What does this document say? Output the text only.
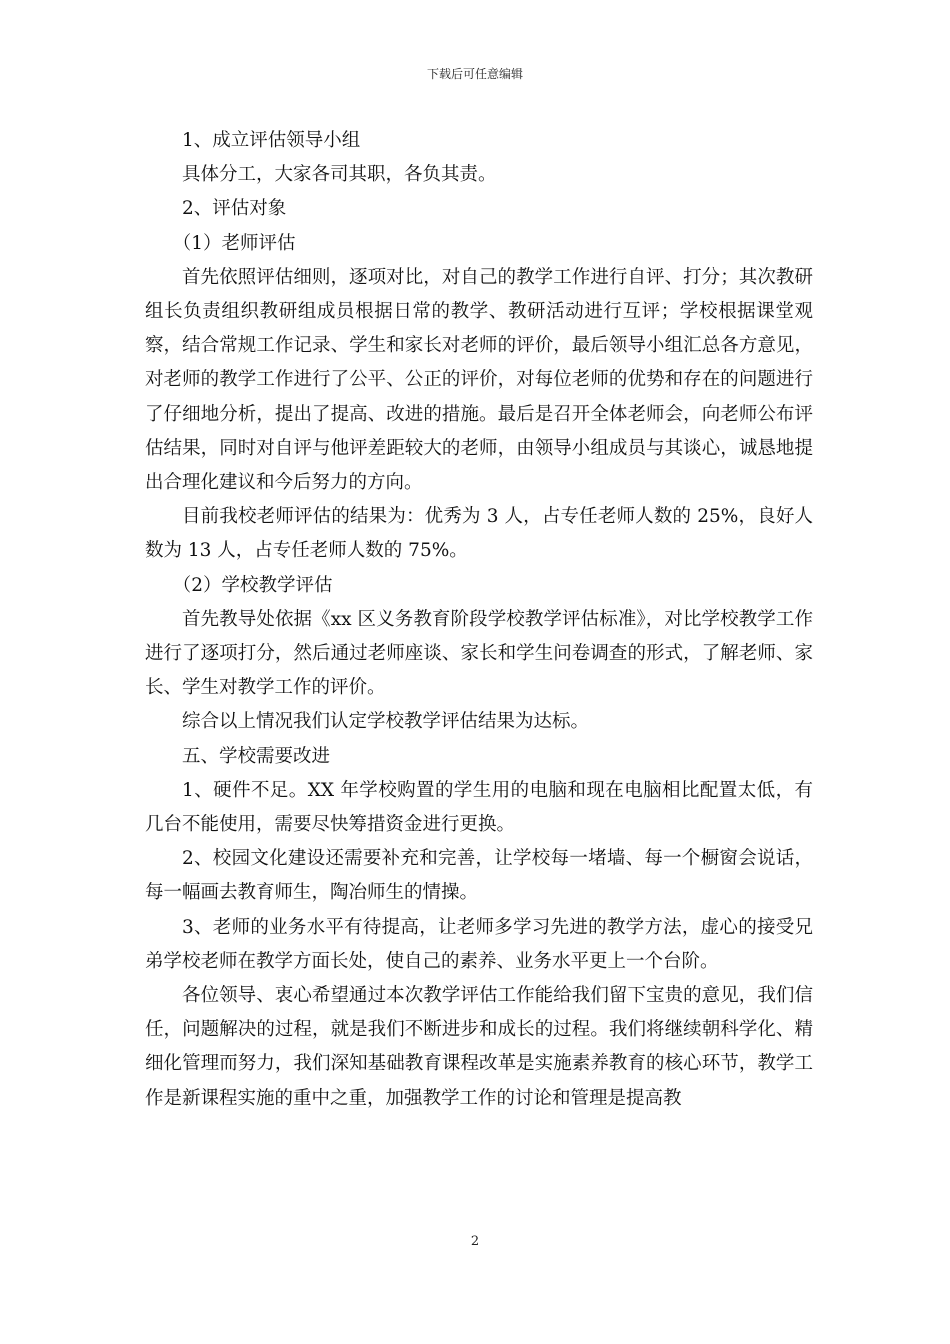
下载后可任意编辑

1、成立评估领导小组

具体分工，大家各司其职，各负其责。

2、评估对象

（1）老师评估

首先依照评估细则，逐项对比，对自己的教学工作进行自评、打分；其次教研组长负责组织教研组成员根据日常的教学、教研活动进行互评；学校根据课堂观察，结合常规工作记录、学生和家长对老师的评价，最后领导小组汇总各方意见，对老师的教学工作进行了公平、公正的评价，对每位老师的优势和存在的问题进行了仔细地分析，提出了提高、改进的措施。最后是召开全体老师会，向老师公布评估结果，同时对自评与他评差距较大的老师，由领导小组成员与其谈心，诚恳地提出合理化建议和今后努力的方向。

目前我校老师评估的结果为：优秀为 3 人，占专任老师人数的 25%，良好人数为 13 人，占专任老师人数的 75%。

（2）学校教学评估

首先教导处依据《xx 区义务教育阶段学校教学评估标准》，对比学校教学工作进行了逐项打分，然后通过老师座谈、家长和学生问卷调查的形式，了解老师、家长、学生对教学工作的评价。

综合以上情况我们认定学校教学评估结果为达标。

五、学校需要改进

1、硬件不足。XX 年学校购置的学生用的电脑和现在电脑相比配置太低，有几台不能使用，需要尽快筹措资金进行更换。

2、校园文化建设还需要补充和完善，让学校每一堵墙、每一个橱窗会说话，每一幅画去教育师生，陶冶师生的情操。

3、老师的业务水平有待提高，让老师多学习先进的教学方法，虚心的接受兄弟学校老师在教学方面长处，使自己的素养、业务水平更上一个台阶。

各位领导、衷心希望通过本次教学评估工作能给我们留下宝贵的意见，我们信任，问题解决的过程，就是我们不断进步和成长的过程。我们将继续朝科学化、精细化管理而努力，我们深知基础教育课程改革是实施素养教育的核心环节，教学工作是新课程实施的重中之重，加强教学工作的讨论和管理是提高教

2
